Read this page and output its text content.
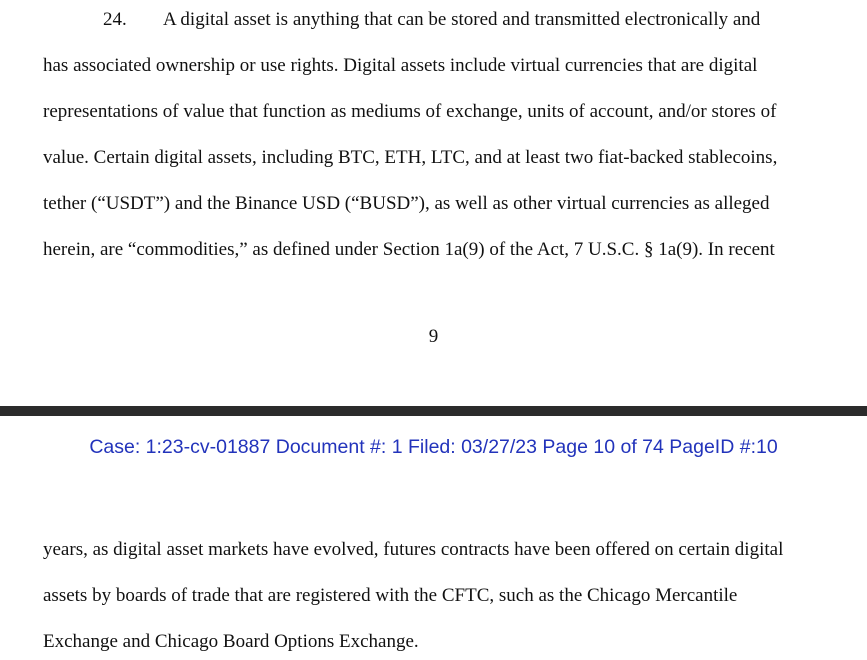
24. A digital asset is anything that can be stored and transmitted electronically and
has associated ownership or use rights. Digital assets include virtual currencies that are digital
representations of value that function as mediums of exchange, units of account, and/or stores of
value. Certain digital assets, including BTC, ETH, LTC, and at least two fiat-backed stablecoins,
tether (“USDT”) and the Binance USD (“BUSD”), as well as other virtual currencies as alleged
herein, are “commodities,” as defined under Section 1a(9) of the Act, 7 U.S.C. § 1a(9). In recent
9
Case: 1:23-cv-01887 Document #: 1 Filed: 03/27/23 Page 10 of 74 PageID #:10
years, as digital asset markets have evolved, futures contracts have been offered on certain digital
assets by boards of trade that are registered with the CFTC, such as the Chicago Mercantile
Exchange and Chicago Board Options Exchange.
